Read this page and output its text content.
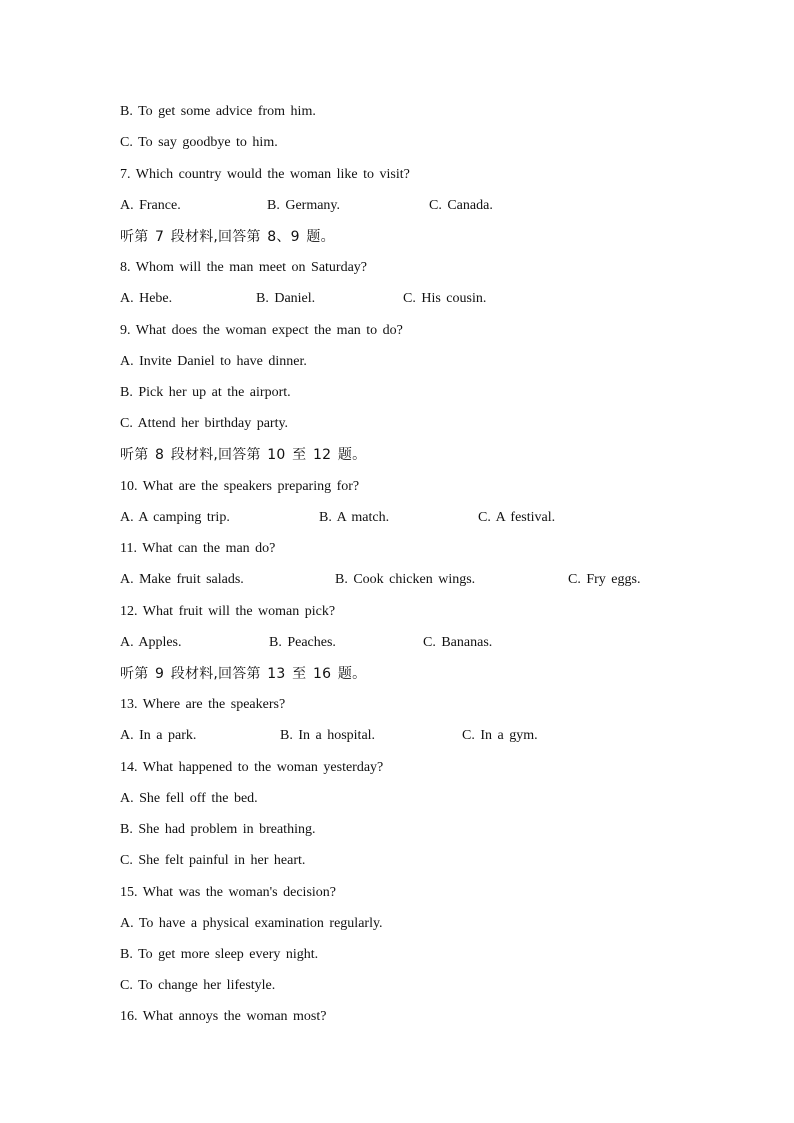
B. To get some advice from him.
C. To say goodbye to him.
7. Which country would the woman like to visit?
A. France.	B. Germany.	C. Canada.
听第 7 段材料,回答第 8、9 题。
8. Whom will the man meet on Saturday?
A. Hebe.	B. Daniel.	C. His cousin.
9. What does the woman expect the man to do?
A. Invite Daniel to have dinner.
B. Pick her up at the airport.
C. Attend her birthday party.
听第 8 段材料,回答第 10 至 12 题。
10. What are the speakers preparing for?
A. A camping trip.	B. A match.	C. A festival.
11. What can the man do?
A. Make fruit salads.	B. Cook chicken wings.	C. Fry eggs.
12. What fruit will the woman pick?
A. Apples.	B. Peaches.	C. Bananas.
听第 9 段材料,回答第 13 至 16 题。
13. Where are the speakers?
A. In a park.	B. In a hospital.	C. In a gym.
14. What happened to the woman yesterday?
A. She fell off the bed.
B. She had problem in breathing.
C. She felt painful in her heart.
15. What was the woman's decision?
A. To have a physical examination regularly.
B. To get more sleep every night.
C. To change her lifestyle.
16. What annoys the woman most?
